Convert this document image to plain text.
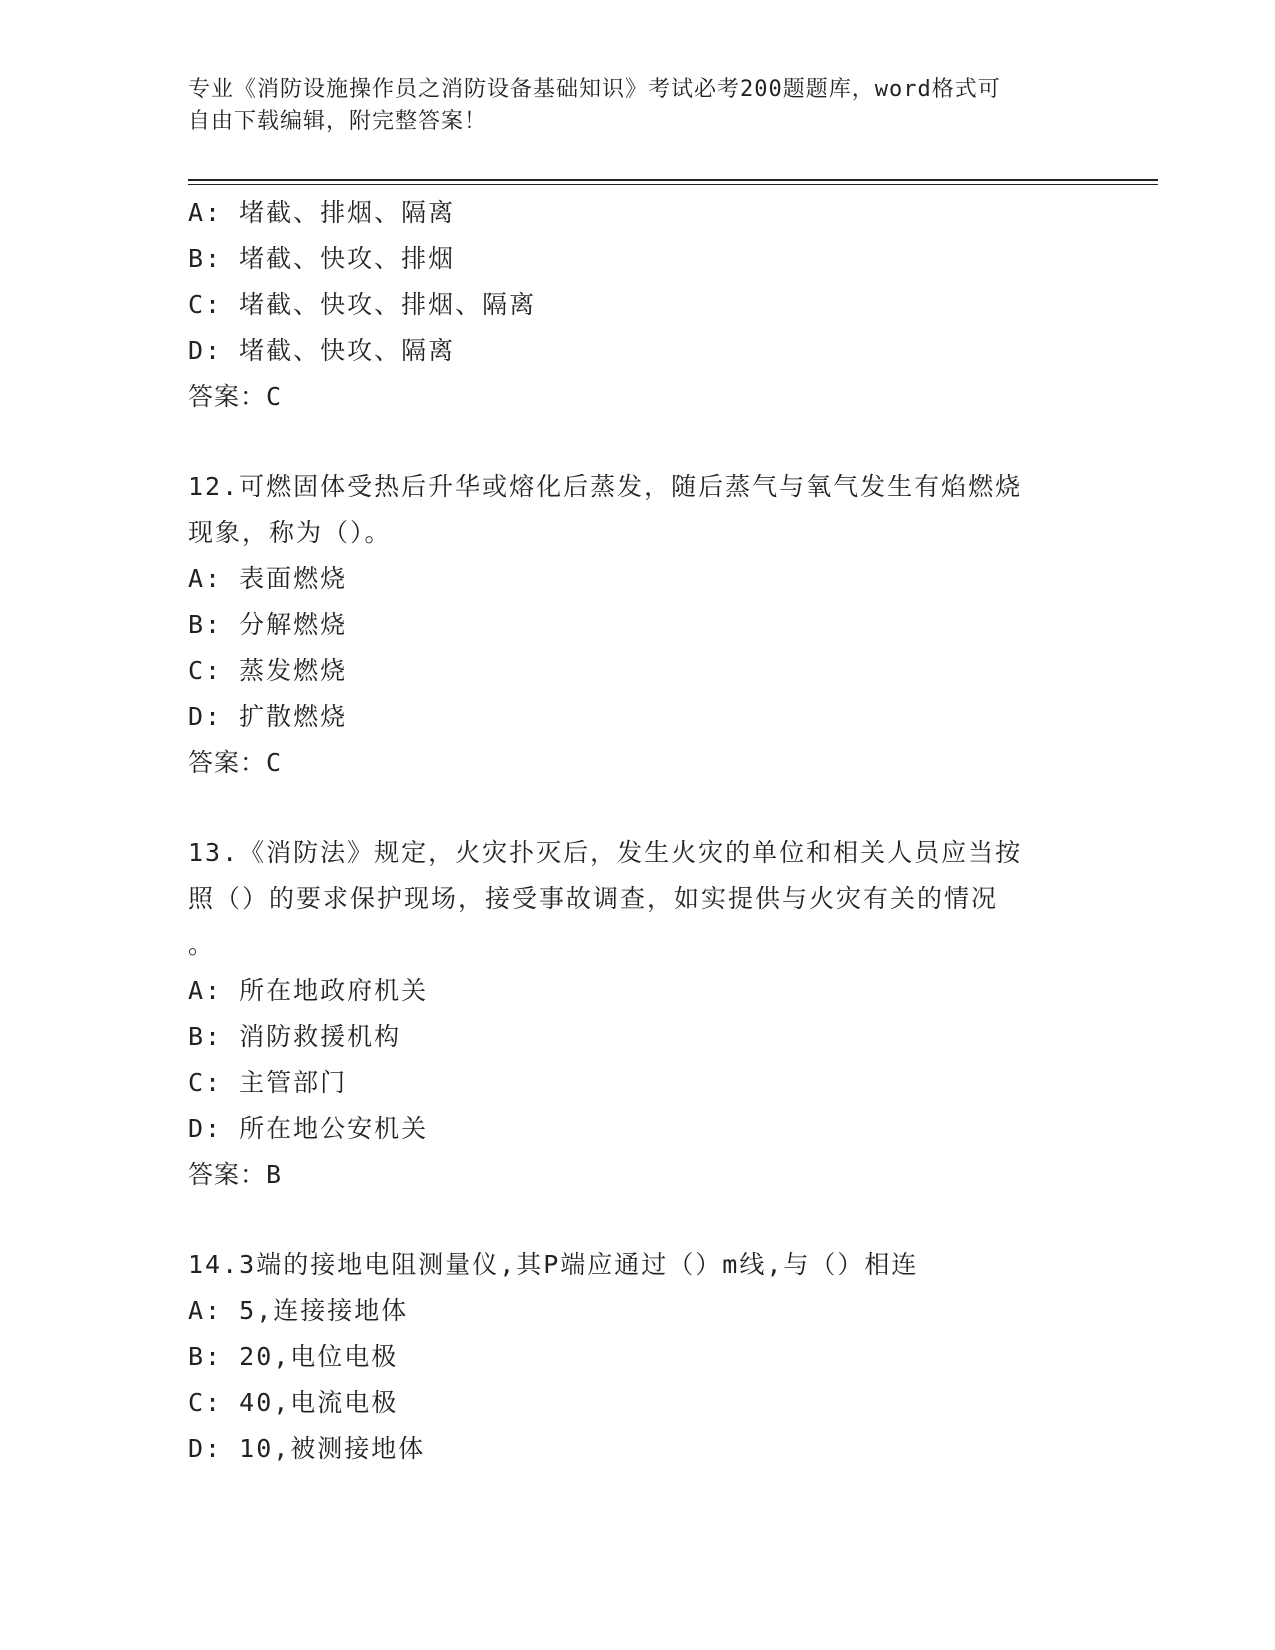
专业《消防设施操作员之消防设备基础知识》考试必考200题题库，word格式可
自由下载编辑，附完整答案！
A: 堵截、排烟、隔离
B: 堵截、快攻、排烟
C: 堵截、快攻、排烟、隔离
D: 堵截、快攻、隔离
答案：C
12.可燃固体受热后升华或熔化后蒸发，随后蒸气与氧气发生有焰燃烧
现象，称为（）。
A: 表面燃烧
B: 分解燃烧
C: 蒸发燃烧
D: 扩散燃烧
答案：C
13.《消防法》规定，火灾扑灭后，发生火灾的单位和相关人员应当按
照（）的要求保护现场，接受事故调查，如实提供与火灾有关的情况
。
A: 所在地政府机关
B: 消防救援机构
C: 主管部门
D: 所在地公安机关
答案：B
14.3端的接地电阻测量仪,其P端应通过（）m线,与（）相连
A: 5,连接接地体
B: 20,电位电极
C: 40,电流电极
D: 10,被测接地体
